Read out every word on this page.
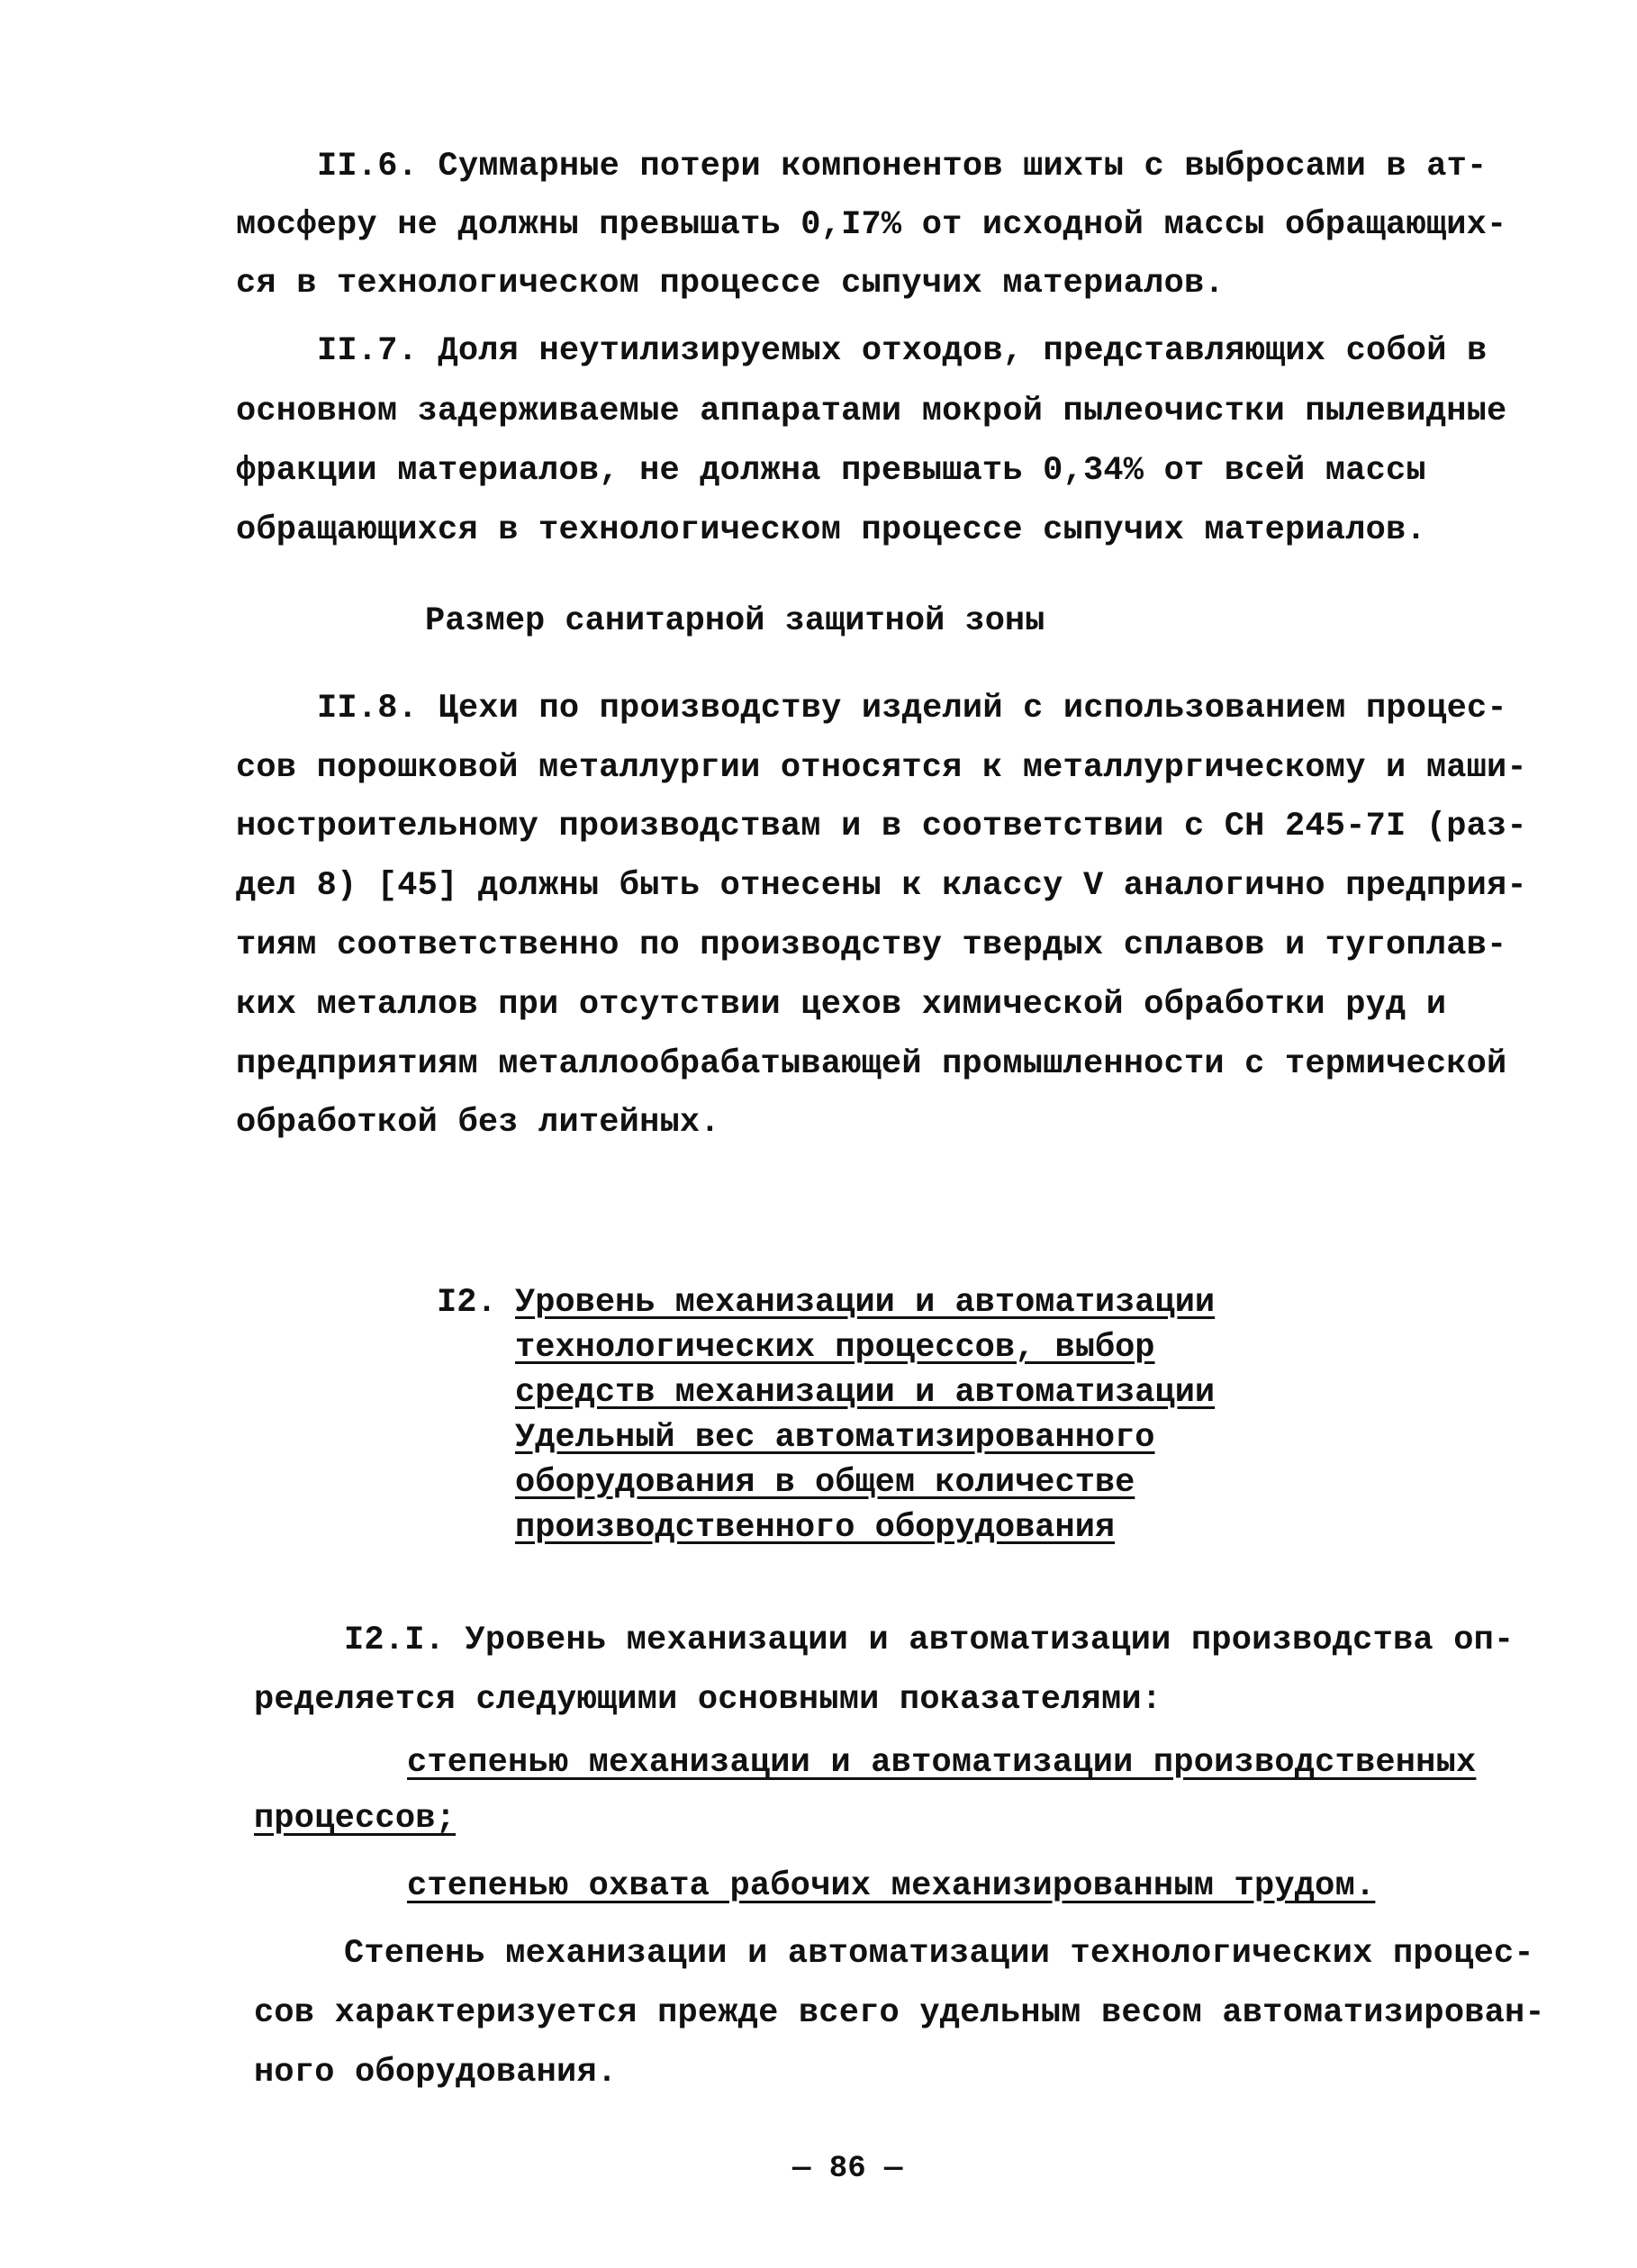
II.6. Суммарные потери компонентов шихты с выбросами в ат-
мосферу не должны превышать 0,I7% от исходной массы обращающих-
ся в технологическом процессе сыпучих материалов.
II.7. Доля неутилизируемых отходов, представляющих собой в
основном задерживаемые аппаратами мокрой пылеочистки пылевидные
фракции материалов, не должна превышать 0,34% от всей массы
обращающихся в технологическом процессе сыпучих материалов.
Размер санитарной защитной зоны
II.8. Цехи по производству изделий с использованием процес-
сов порошковой металлургии относятся к металлургическому и маши-
ностроительному производствам и в соответствии с СН 245-7I (раз-
дел 8) [45] должны быть отнесены к классу V аналогично предприя-
тиям соответственно по производству твердых сплавов и тугоплав-
ких металлов при отсутствии цехов химической обработки руд и
предприятиям металлообрабатывающей промышленности с термической
обработкой без литейных.
I2. Уровень механизации и автоматизации
технологических процессов, выбор
средств механизации и автоматизации
Удельный вес автоматизированного
оборудования в общем количестве
производственного оборудования
I2.I. Уровень механизации и автоматизации производства оп-
ределяется следующими основными показателями:
степенью механизации и автоматизации производственных
процессов;
степенью охвата рабочих механизированным трудом.
Степень механизации и автоматизации технологических процес-
сов характеризуется прежде всего удельным весом автоматизирован-
ного оборудования.
— 86 —
